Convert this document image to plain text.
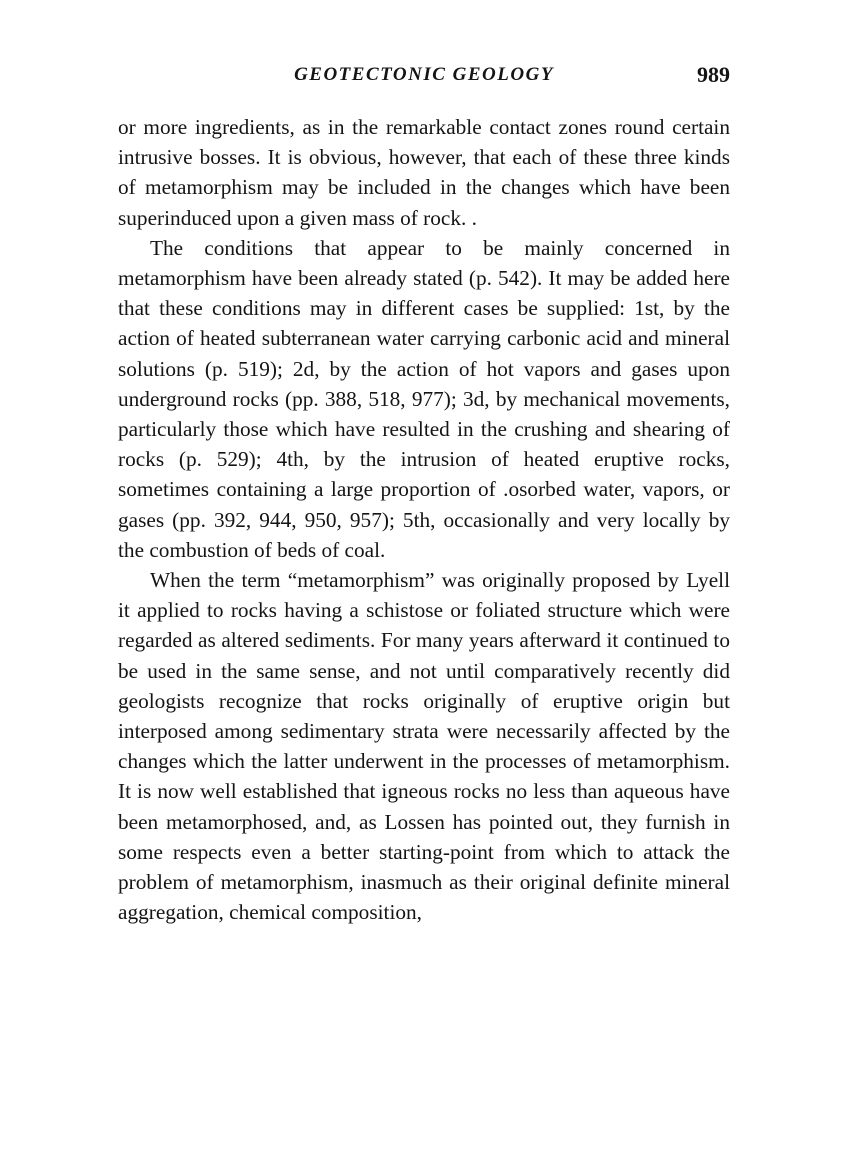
GEOTECTONIC GEOLOGY	989

or more ingredients, as in the remarkable contact zones round certain intrusive bosses. It is obvious, however, that each of these three kinds of metamorphism may be included in the changes which have been superinduced upon a given mass of rock. .

The conditions that appear to be mainly concerned in metamorphism have been already stated (p. 542). It may be added here that these conditions may in different cases be supplied: 1st, by the action of heated subterranean water carrying carbonic acid and mineral solutions (p. 519); 2d, by the action of hot vapors and gases upon underground rocks (pp. 388, 518, 977); 3d, by mechanical movements, particularly those which have resulted in the crushing and shearing of rocks (p. 529); 4th, by the intrusion of heated eruptive rocks, sometimes containing a large proportion of .osorbed water, vapors, or gases (pp. 392, 944, 950, 957); 5th, occasionally and very locally by the combustion of beds of coal.

When the term “metamorphism” was originally proposed by Lyell it applied to rocks having a schistose or foliated structure which were regarded as altered sediments. For many years afterward it continued to be used in the same sense, and not until comparatively recently did geologists recognize that rocks originally of eruptive origin but interposed among sedimentary strata were necessarily affected by the changes which the latter underwent in the processes of metamorphism. It is now well established that igneous rocks no less than aqueous have been metamorphosed, and, as Lossen has pointed out, they furnish in some respects even a better starting-point from which to attack the problem of metamorphism, inasmuch as their original definite mineral aggregation, chemical composition,
